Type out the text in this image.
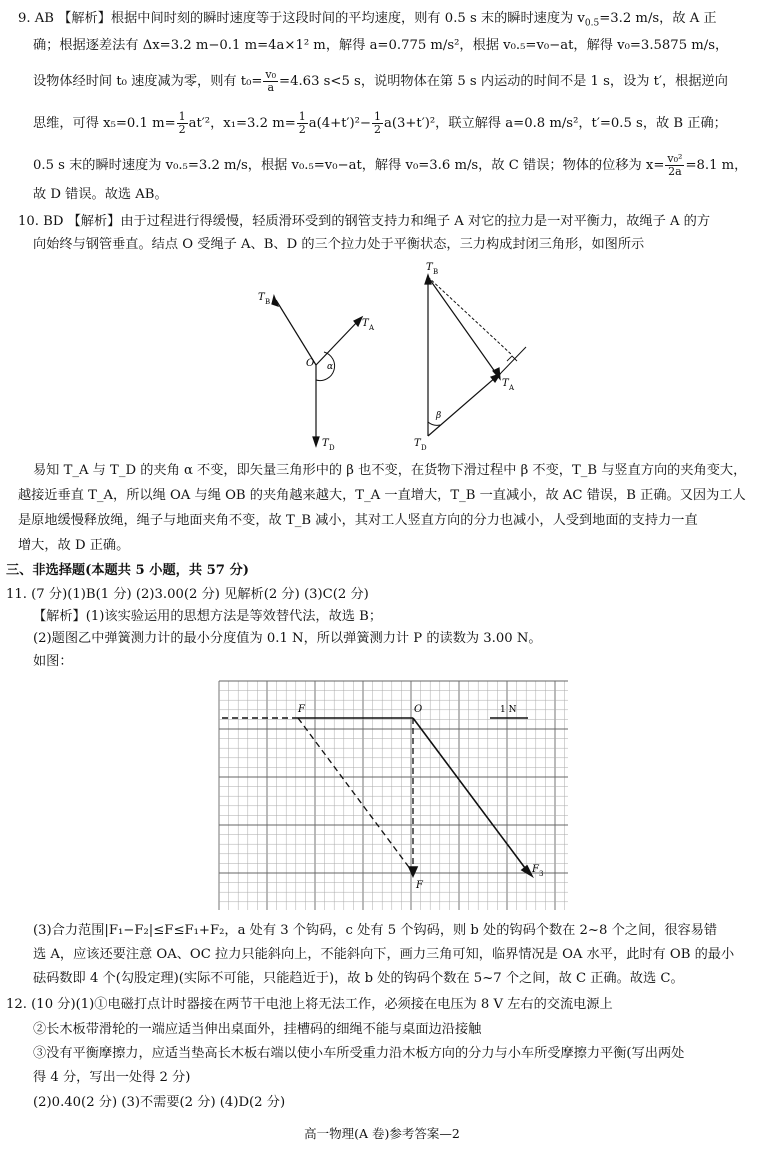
9. AB 【解析】根据中间时刻的瞬时速度等于这段时间的平均速度，则有 0.5 s 末的瞬时速度为 $v_{0.5}=3.2$ m/s，故 A 正
确；根据逐差法有 Δx=3.2 m−0.1 m=4a×1² m，解得 a=0.775 m/s²，根据 v₀.₅=v₀−at，解得 v₀=3.5875 m/s，
设物体经时间 t₀ 速度减为零，则有 $t_0= \frac{\text{v₀}}{a} =4.63$ s<5 s，说明物体在第 5 s 内运动的时间不是 1 s，设为 t′，根据逆向
思维，可得 x₅=0.1 $m= \frac{1}{2} at'^2$，x₁=3.2 $m= \frac{1}{2} a(4+t')^2- \frac{1}{2} a(3+t')^2$，联立解得 a=0.8 m/s²，t′=0.5 s，故 B 正确；
0.5 s 末的瞬时速度为 v₀.₅=3.2 m/s，根据 v₀.₅=v₀−at，解得 v₀=3.6 m/s，故 C 错误；物体的位移为 $x= \frac{\text{v₀²}}{2a} =8.1$ m，
故 D 错误。故选 AB。
10. BD 【解析】由于过程进行得缓慢，轻质滑环受到的钢管支持力和绳子 A 对它的拉力是一对平衡力，故绳子 A 的方
向始终与钢管垂直。结点 O 受绳子 A、B、D 的三个拉力处于平衡状态，三力构成封闭三角形，如图所示
T B
T A
O α
T D
T B
T A
T D
β
易知 T_A 与 T_D 的夹角 α 不变，即矢量三角形中的 β 也不变，在货物下滑过程中 β 不变，T_B 与竖直方向的夹角变大，
越接近垂直 T_A，所以绳 OA 与绳 OB 的夹角越来越大，T_A 一直增大，T_B 一直减小，故 AC 错误，B 正确。又因为工人
是原地缓慢释放绳，绳子与地面夹角不变，故 T_B 减小，其对工人竖直方向的分力也减小，人受到地面的支持力一直
增大，故 D 正确。
三、非选择题(本题共 5 小题，共 57 分)
11. (7 分)(1)B(1 分) (2)3.00(2 分) 见解析(2 分) (3)C(2 分)
【解析】(1)该实验运用的思想方法是等效替代法，故选 B；
(2)题图乙中弹簧测力计的最小分度值为 0.1 N，所以弹簧测力计 P 的读数为 3.00 N。
如图：
F	O	1 N
F
F 3
(3)合力范围|F₁−F₂|≤F≤F₁+F₂，a 处有 3 个钩码，c 处有 5 个钩码，则 b 处的钩码个数在 2~8 个之间，很容易错
选 A，应该还要注意 OA、OC 拉力只能斜向上，不能斜向下，画力三角可知，临界情况是 OA 水平，此时有 OB 的最小
砝码数即 4 个(勾股定理)(实际不可能，只能趋近于)，故 b 处的钩码个数在 5~7 个之间，故 C 正确。故选 C。
12. (10 分)(1)①电磁打点计时器接在两节干电池上将无法工作，必须接在电压为 8 V 左右的交流电源上
②长木板带滑轮的一端应适当伸出桌面外，挂槽码的细绳不能与桌面边沿接触
③没有平衡摩擦力，应适当垫高长木板右端以使小车所受重力沿木板方向的分力与小车所受摩擦力平衡(写出两处
得 4 分，写出一处得 2 分)
(2)0.40(2 分) (3)不需要(2 分) (4)D(2 分)
高一物理(A 卷)参考答案—2
